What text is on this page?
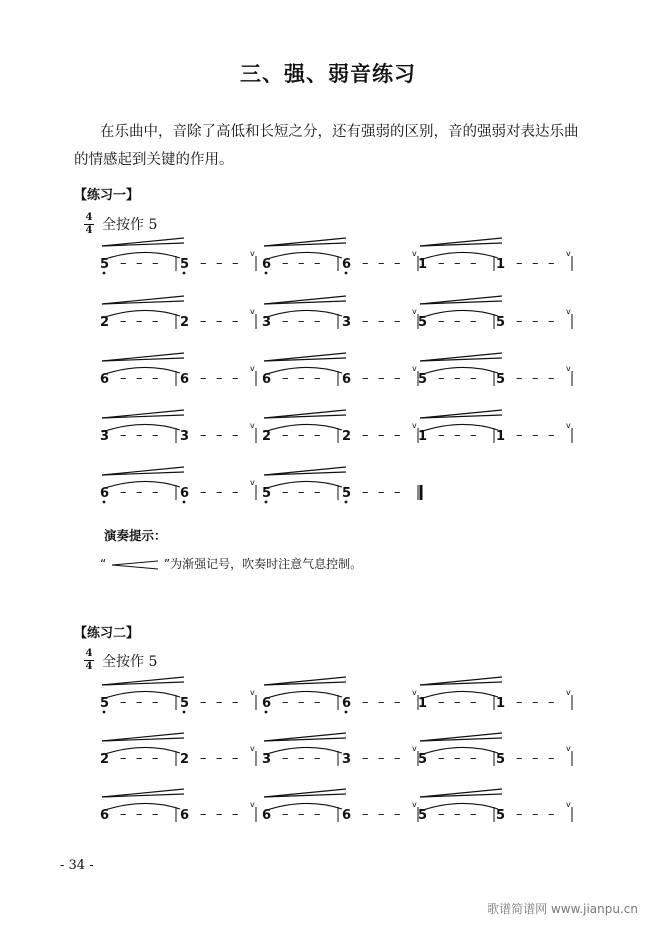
三、强、弱音练习
在乐曲中，音除了高低和长短之分，还有强弱的区别，音的强弱对表达乐曲
的情感起到关键的作用。
【练习一】
4
4 全按作 5
5 – – – 5 – – –
v
6 – – – 6 – – –
v
1 – – – 1 – – –
v
2 – – – 2 – – –
v
3 – – – 3 – – –
v
5 – – – 5 – – –
v
6 – – – 6 – – –
v
6 – – – 6 – – –
v
5 – – – 5 – – –
v
3 – – – 3 – – –
v
2 – – – 2 – – –
v
1 – – – 1 – – –
v
6 – – – 6 – – –
v
5 – – – 5 – – –
演奏提示：
“	”为渐强记号，吹奏时注意气息控制。
【练习二】
4
4 全按作 5
5 – – – 5 – – –
v
6 – – – 6 – – –
v
1 – – – 1 – – –
v
2 – – – 2 – – –
v
3 – – – 3 – – –
v
5 – – – 5 – – –
v
6 – – – 6 – – –
v
6 – – – 6 – – –
v
5 – – – 5 – – –
v
- 34 -
歌谱简谱网 www.jianpu.cn
